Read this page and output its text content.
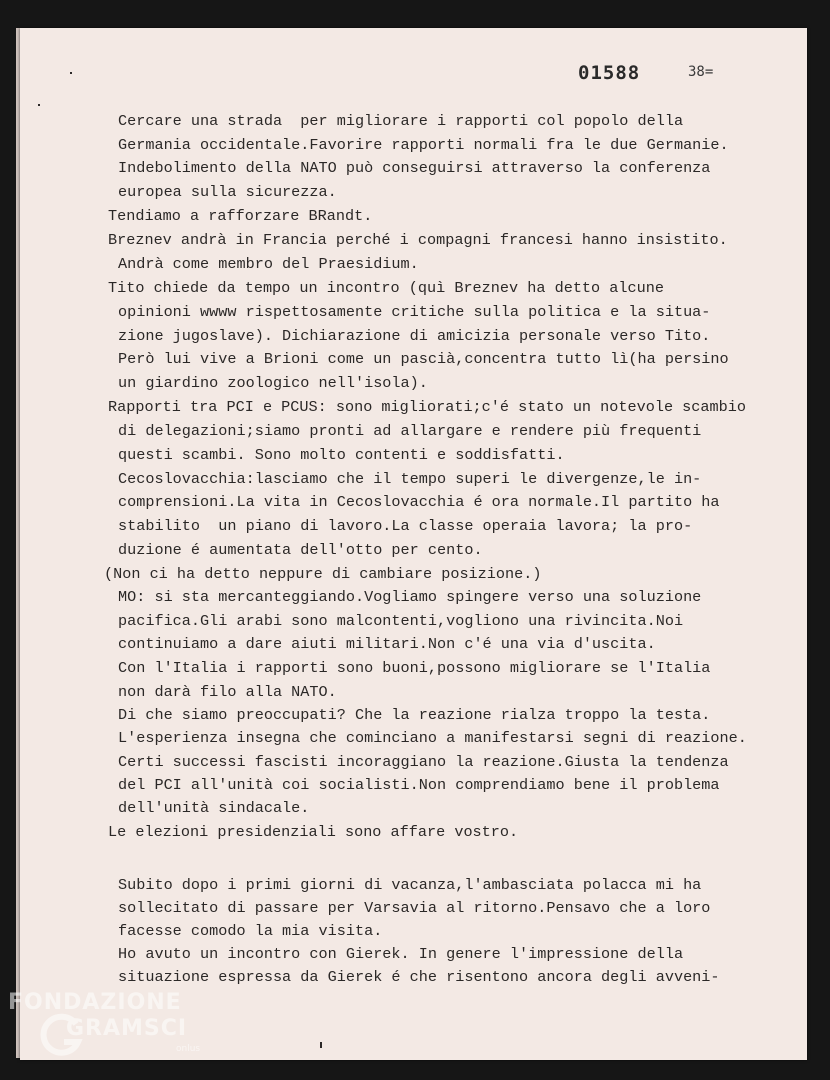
01588	38=
Cercare una strada  per migliorare i rapporti col popolo della
Germania occidentale.Favorire rapporti normali fra le due Germanie.
Indebolimento della NATO può conseguirsi attraverso la conferenza
europea sulla sicurezza.
Tendiamo a rafforzare BRandt.
Breznev andrà in Francia perché i compagni francesi hanno insistito.
Andrà come membro del Praesidium.
Tito chiede da tempo un incontro (quì Breznev ha detto alcune
opinioni wwww rispettosamente critiche sulla politica e la situa-
zione jugoslave). Dichiarazione di amicizia personale verso Tito.
Però lui vive a Brioni come un pascià,concentra tutto lì(ha persino
un giardino zoologico nell'isola).
Rapporti tra PCI e PCUS: sono migliorati;c'é stato un notevole scambio
di delegazioni;siamo pronti ad allargare e rendere più frequenti
questi scambi. Sono molto contenti e soddisfatti.
Cecoslovacchia:lasciamo che il tempo superi le divergenze,le in-
comprensioni.La vita in Cecoslovacchia é ora normale.Il partito ha
stabilito  un piano di lavoro.La classe operaia lavora; la pro-
duzione é aumentata dell'otto per cento.
(Non ci ha detto neppure di cambiare posizione.)
MO: si sta mercanteggiando.Vogliamo spingere verso una soluzione
pacifica.Gli arabi sono malcontenti,vogliono una rivincita.Noi
continuiamo a dare aiuti militari.Non c'é una via d'uscita.
Con l'Italia i rapporti sono buoni,possono migliorare se l'Italia
non darà filo alla NATO.
Di che siamo preoccupati? Che la reazione rialza troppo la testa.
L'esperienza insegna che cominciano a manifestarsi segni di reazione.
Certi successi fascisti incoraggiano la reazione.Giusta la tendenza
del PCI all'unità coi socialisti.Non comprendiamo bene il problema
dell'unità sindacale.
Le elezioni presidenziali sono affare vostro.
Subito dopo i primi giorni di vacanza,l'ambasciata polacca mi ha
sollecitato di passare per Varsavia al ritorno.Pensavo che a loro
facesse comodo la mia visita.
Ho avuto un incontro con Gierek. In genere l'impressione della
situazione espressa da Gierek é che risentono ancora degli avveni-
FONDAZIONE
GRAMSCI
onlus
